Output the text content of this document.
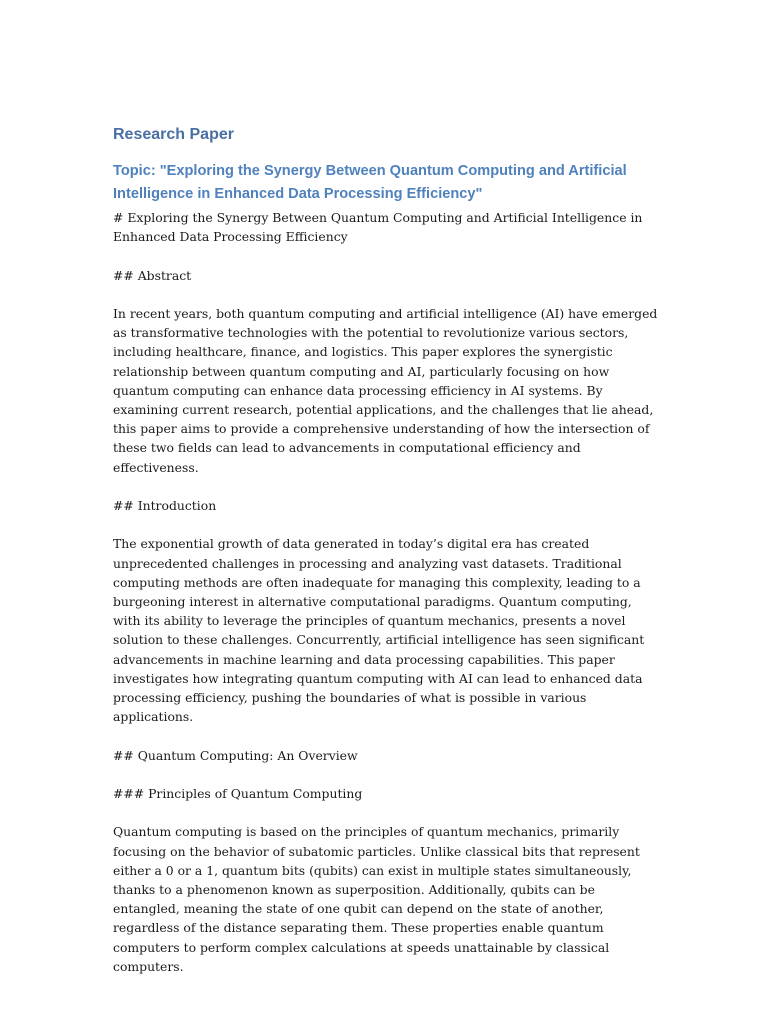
Research Paper
Topic: "Exploring the Synergy Between Quantum Computing and Artificial Intelligence in Enhanced Data Processing Efficiency"

# Exploring the Synergy Between Quantum Computing and Artificial Intelligence in Enhanced Data Processing Efficiency

## Abstract

In recent years, both quantum computing and artificial intelligence (AI) have emerged as transformative technologies with the potential to revolutionize various sectors, including healthcare, finance, and logistics. This paper explores the synergistic relationship between quantum computing and AI, particularly focusing on how quantum computing can enhance data processing efficiency in AI systems. By examining current research, potential applications, and the challenges that lie ahead, this paper aims to provide a comprehensive understanding of how the intersection of these two fields can lead to advancements in computational efficiency and effectiveness.

## Introduction

The exponential growth of data generated in today’s digital era has created unprecedented challenges in processing and analyzing vast datasets. Traditional computing methods are often inadequate for managing this complexity, leading to a burgeoning interest in alternative computational paradigms. Quantum computing, with its ability to leverage the principles of quantum mechanics, presents a novel solution to these challenges. Concurrently, artificial intelligence has seen significant advancements in machine learning and data processing capabilities. This paper investigates how integrating quantum computing with AI can lead to enhanced data processing efficiency, pushing the boundaries of what is possible in various applications.

## Quantum Computing: An Overview

### Principles of Quantum Computing

Quantum computing is based on the principles of quantum mechanics, primarily focusing on the behavior of subatomic particles. Unlike classical bits that represent either a 0 or a 1, quantum bits (qubits) can exist in multiple states simultaneously, thanks to a phenomenon known as superposition. Additionally, qubits can be entangled, meaning the state of one qubit can depend on the state of another, regardless of the distance separating them. These properties enable quantum computers to perform complex calculations at speeds unattainable by classical computers.
